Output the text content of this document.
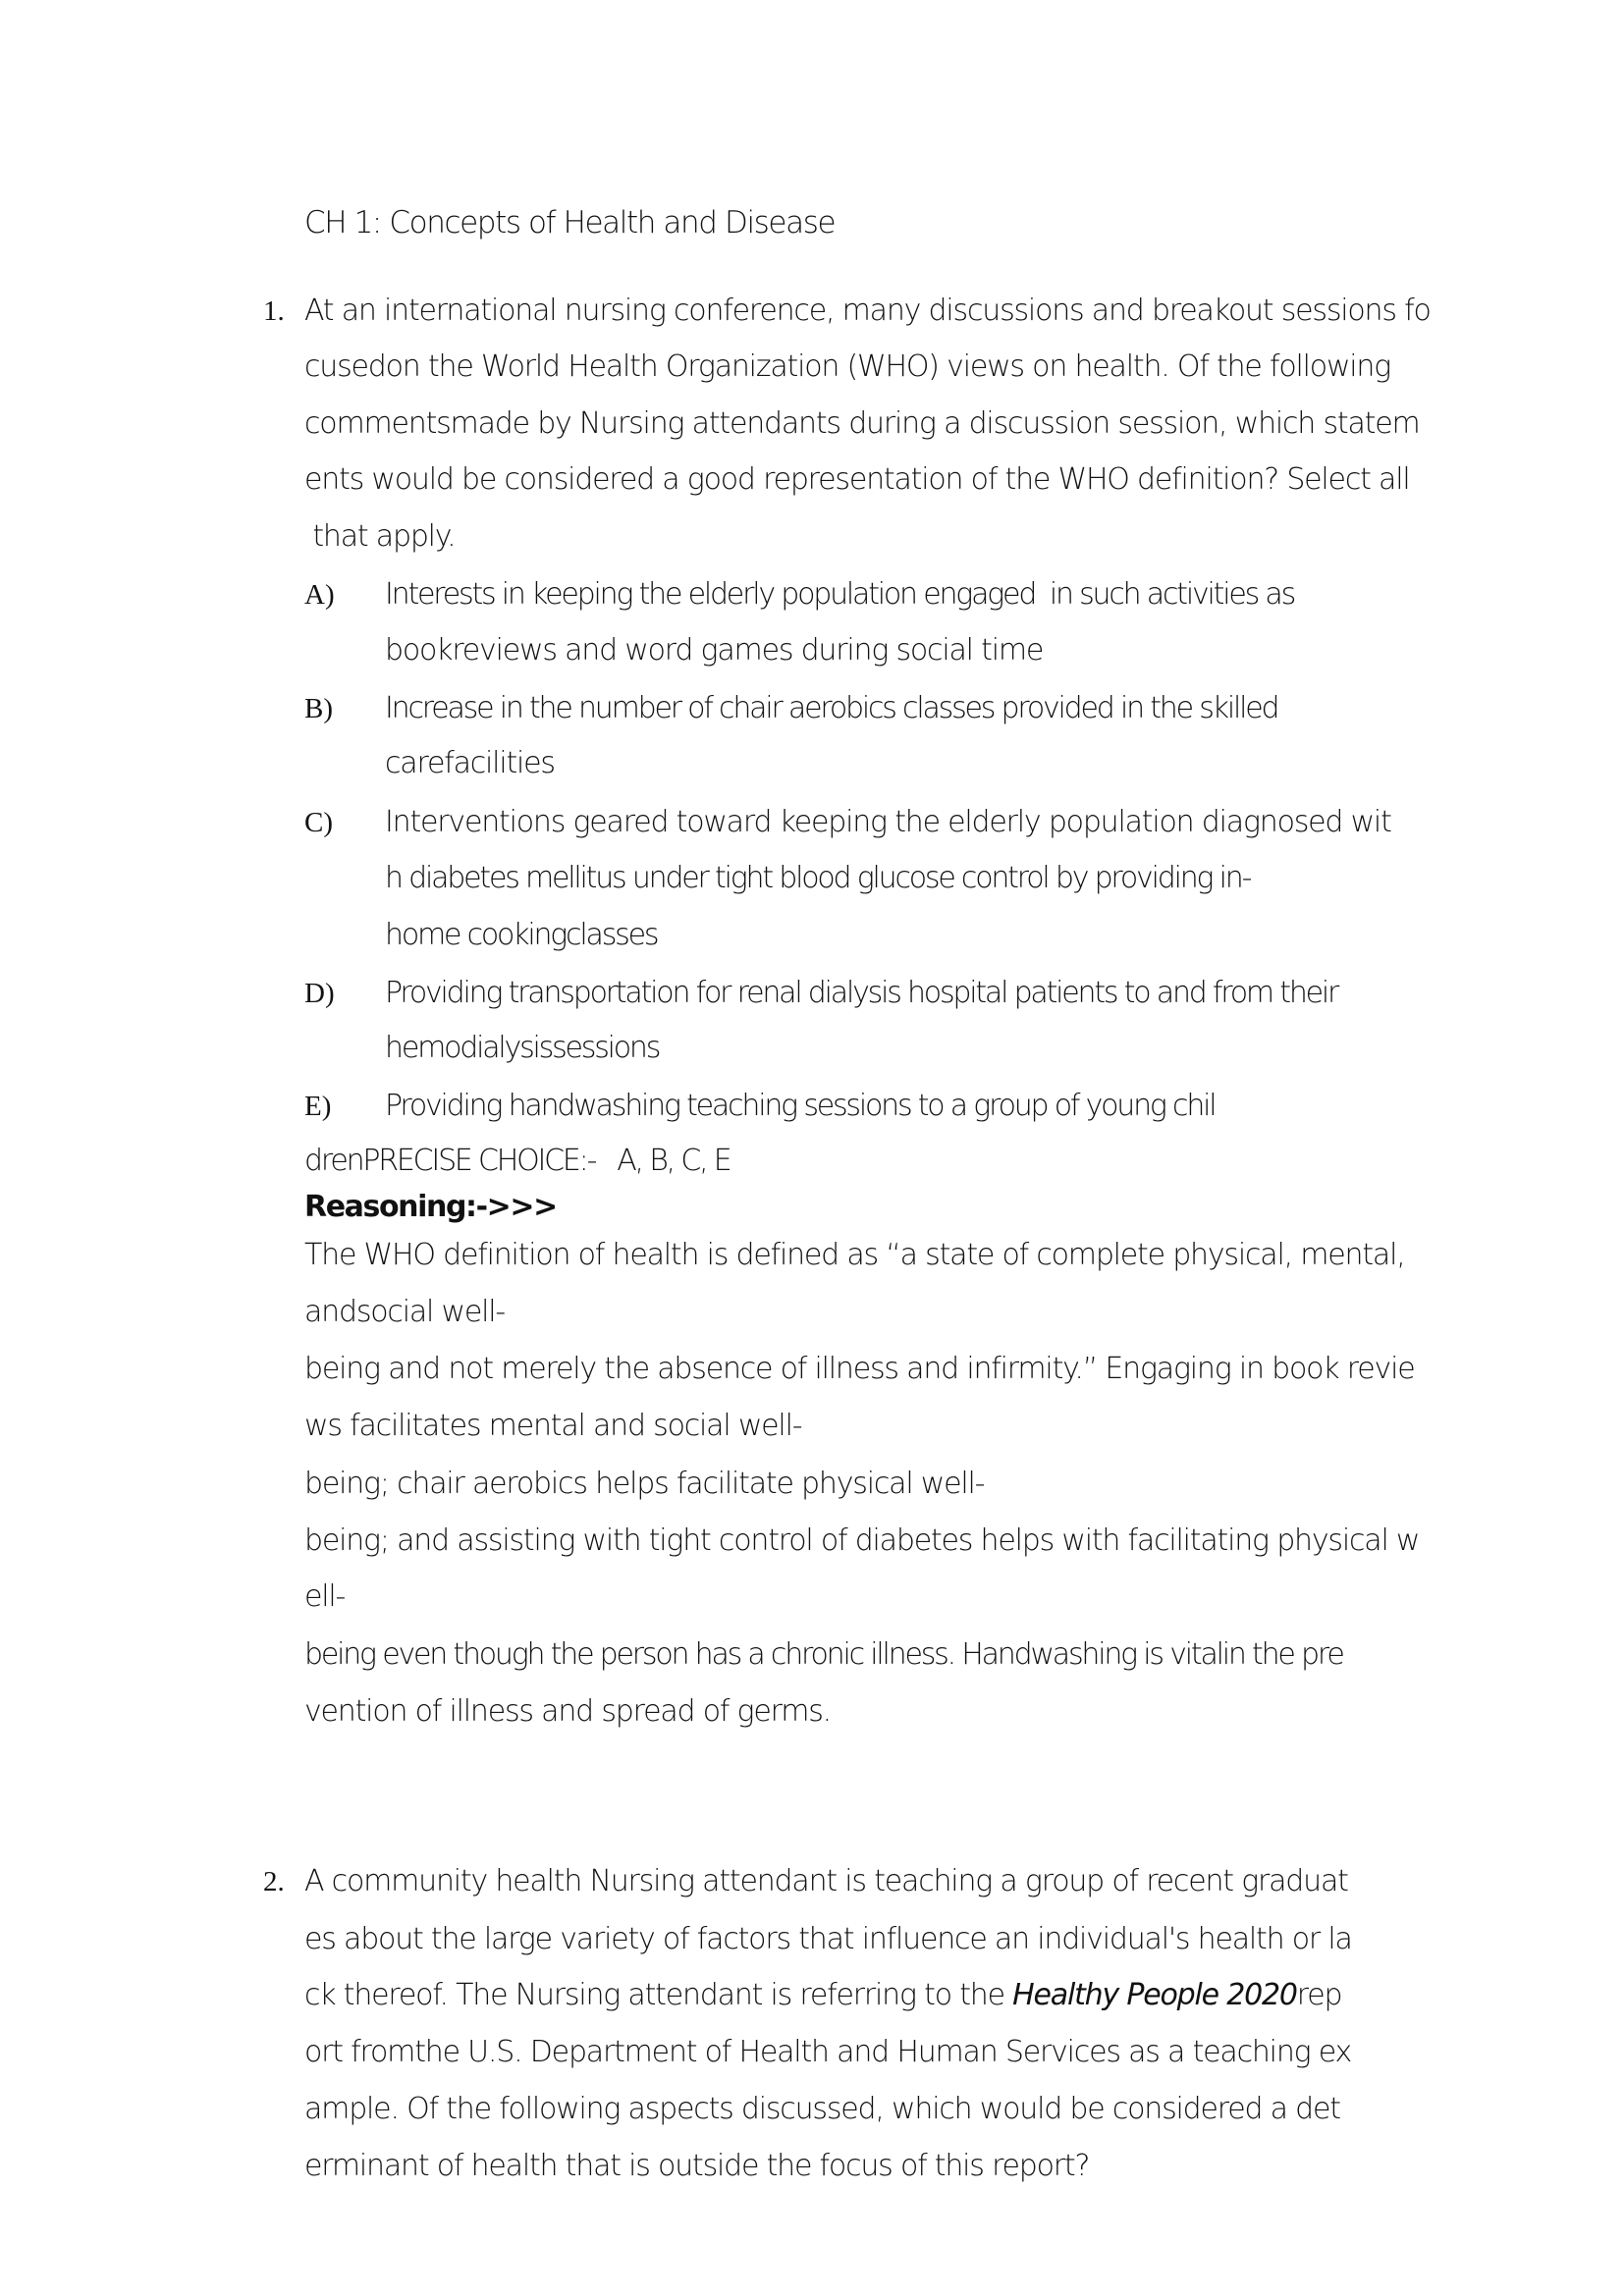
CH 1: Concepts of Health and Disease
1. At an international nursing conference, many discussions and breakout sessions fo
cusedon the World Health Organization (WHO) views on health. Of the following
commentsmade by Nursing attendants during a discussion session, which statem
ents would be considered a good representation of the WHO definition? Select all
that apply.
A) Interests in keeping the elderly population engaged  in such activities as
bookreviews and word games during social time
B) Increase in the number of chair aerobics classes provided in the skilled
carefacilities
C) Interventions geared toward keeping the elderly population diagnosed wit
h diabetes mellitus under tight blood glucose control by providing in-
home cookingclasses
D) Providing transportation for renal dialysis hospital patients to and from their
hemodialysissessions
E) Providing handwashing teaching sessions to a group of young chil
drenPRECISE CHOICE:-   A, B, C, E
Reasoning:->>>
The WHO definition of health is defined as “a state of complete physical, mental,
andsocial well-
being and not merely the absence of illness and infirmity.” Engaging in book revie
ws facilitates mental and social well-
being; chair aerobics helps facilitate physical well-
being; and assisting with tight control of diabetes helps with facilitating physical w
ell-
being even though the person has a chronic illness. Handwashing is vitalin the pre
vention of illness and spread of germs.
2. A community health Nursing attendant is teaching a group of recent graduat
es about the large variety of factors that influence an individual's health or la
ck thereof. The Nursing attendant is referring to the Healthy People 2020rep
ort fromthe U.S. Department of Health and Human Services as a teaching ex
ample. Of the following aspects discussed, which would be considered a det
erminant of health that is outside the focus of this report?
